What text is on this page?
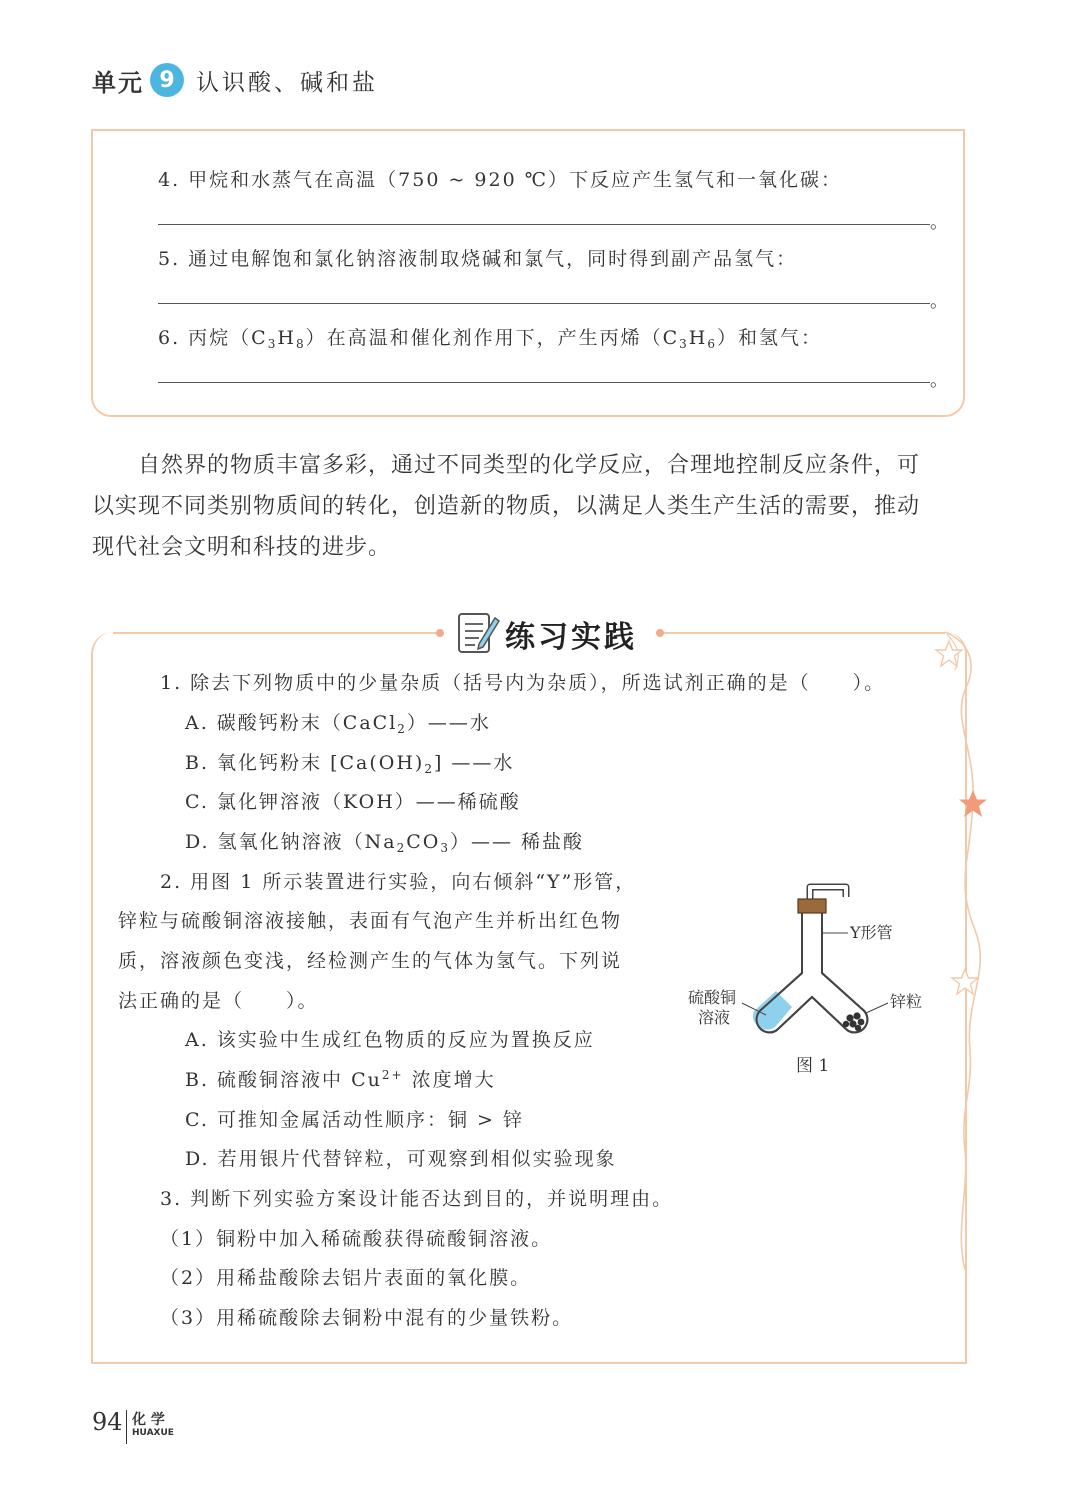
单元 9 认识酸、碱和盐
4. 甲烷和水蒸气在高温（750 ~ 920 ℃）下反应产生氢气和一氧化碳：
。
5. 通过电解饱和氯化钠溶液制取烧碱和氯气，同时得到副产品氢气：
。
6. 丙烷$(C_3H_8)$在高温和催化剂作用下，产生丙烯$(C_3H_6)$和氢气：
。

自然界的物质丰富多彩，通过不同类型的化学反应，合理地控制反应条件，可

以实现不同类别物质间的转化，创造新的物质，以满足人类生产生活的需要，推动

现代社会文明和科技的进步。

练习实践
1. 除去下列物质中的少量杂质（括号内为杂质），所选试剂正确的是（　　）。
A. 碳酸钙粉末（CaCl$_2$）——水
B. 氧化钙粉末 $[Ca(OH)_2]$ ——水
C. 氯化钾溶液（KOH）——稀硫酸
D. 氢氧化钠溶液$(Na_2CO_3)——$ 稀盐酸
2. 用图 1 所示装置进行实验，向右倾斜“Y”形管，
锌粒与硫酸铜溶液接触，表面有气泡产生并析出红色物
质，溶液颜色变浅，经检测产生的气体为氢气。下列说
法正确的是（　　）。
A. 该实验中生成红色物质的反应为置换反应
B. 硫酸铜溶液中 $Cu^{2+}$ 浓度增大
C. 可推知金属活动性顺序：铜 > 锌
D. 若用银片代替锌粒，可观察到相似实验现象
3. 判断下列实验方案设计能否达到目的，并说明理由。
（1）铜粉中加入稀硫酸获得硫酸铜溶液。
（2）用稀盐酸除去铝片表面的氧化膜。
（3）用稀硫酸除去铜粉中混有的少量铁粉。
Y形管
硫酸铜
溶液
锌粒
图 1
94 化 学
HUAXUE
